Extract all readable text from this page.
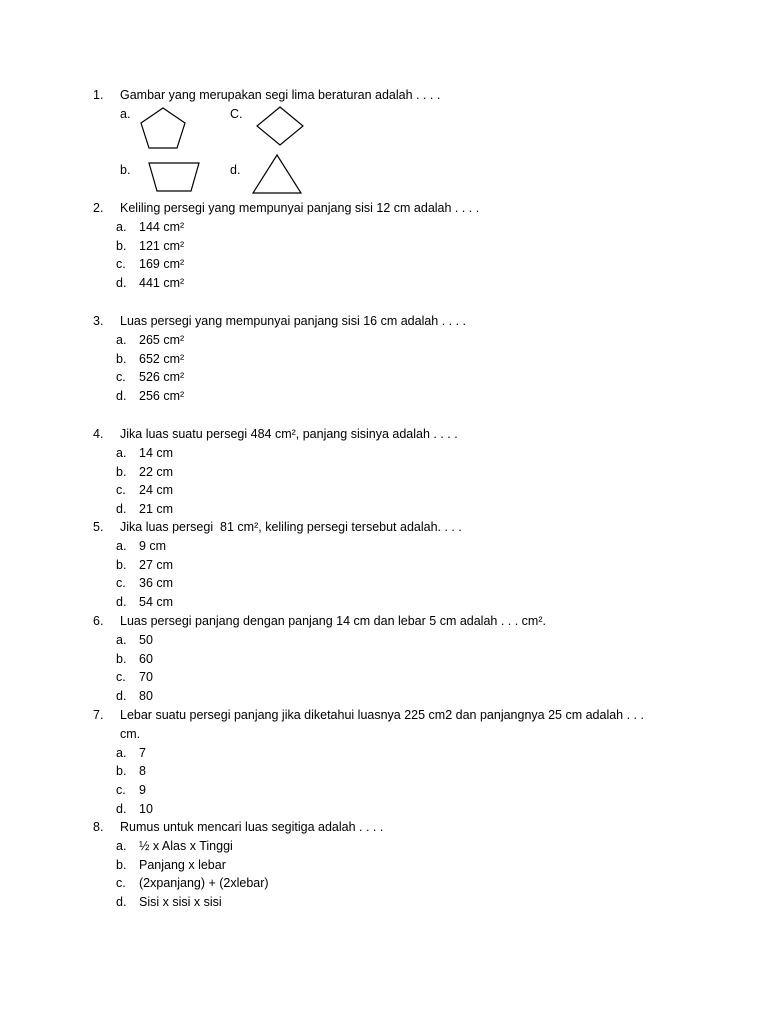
1. Gambar yang merupakan segi lima beraturan adalah . . . .
a.	C.
b.	d.
2. Keliling persegi yang mempunyai panjang sisi 12 cm adalah . . . .
a. 144 cm²
b. 121 cm²
c. 169 cm²
d. 441 cm²
3. Luas persegi yang mempunyai panjang sisi 16 cm adalah . . . .
a. 265 cm²
b. 652 cm²
c. 526 cm²
d. 256 cm²
4. Jika luas suatu persegi 484 cm², panjang sisinya adalah . . . .
a. 14 cm
b. 22 cm
c. 24 cm
d. 21 cm
5. Jika luas persegi  81 cm², keliling persegi tersebut adalah. . . .
a. 9 cm
b. 27 cm
c. 36 cm
d. 54 cm
6. Luas persegi panjang dengan panjang 14 cm dan lebar 5 cm adalah . . . cm².
a. 50
b. 60
c. 70
d. 80
7. Lebar suatu persegi panjang jika diketahui luasnya 225 cm2 dan panjangnya 25 cm adalah . . .
cm.
a. 7
b. 8
c. 9
d. 10
8. Rumus untuk mencari luas segitiga adalah . . . .
a. ½ x Alas x Tinggi
b. Panjang x lebar
c. (2xpanjang) + (2xlebar)
d. Sisi x sisi x sisi
